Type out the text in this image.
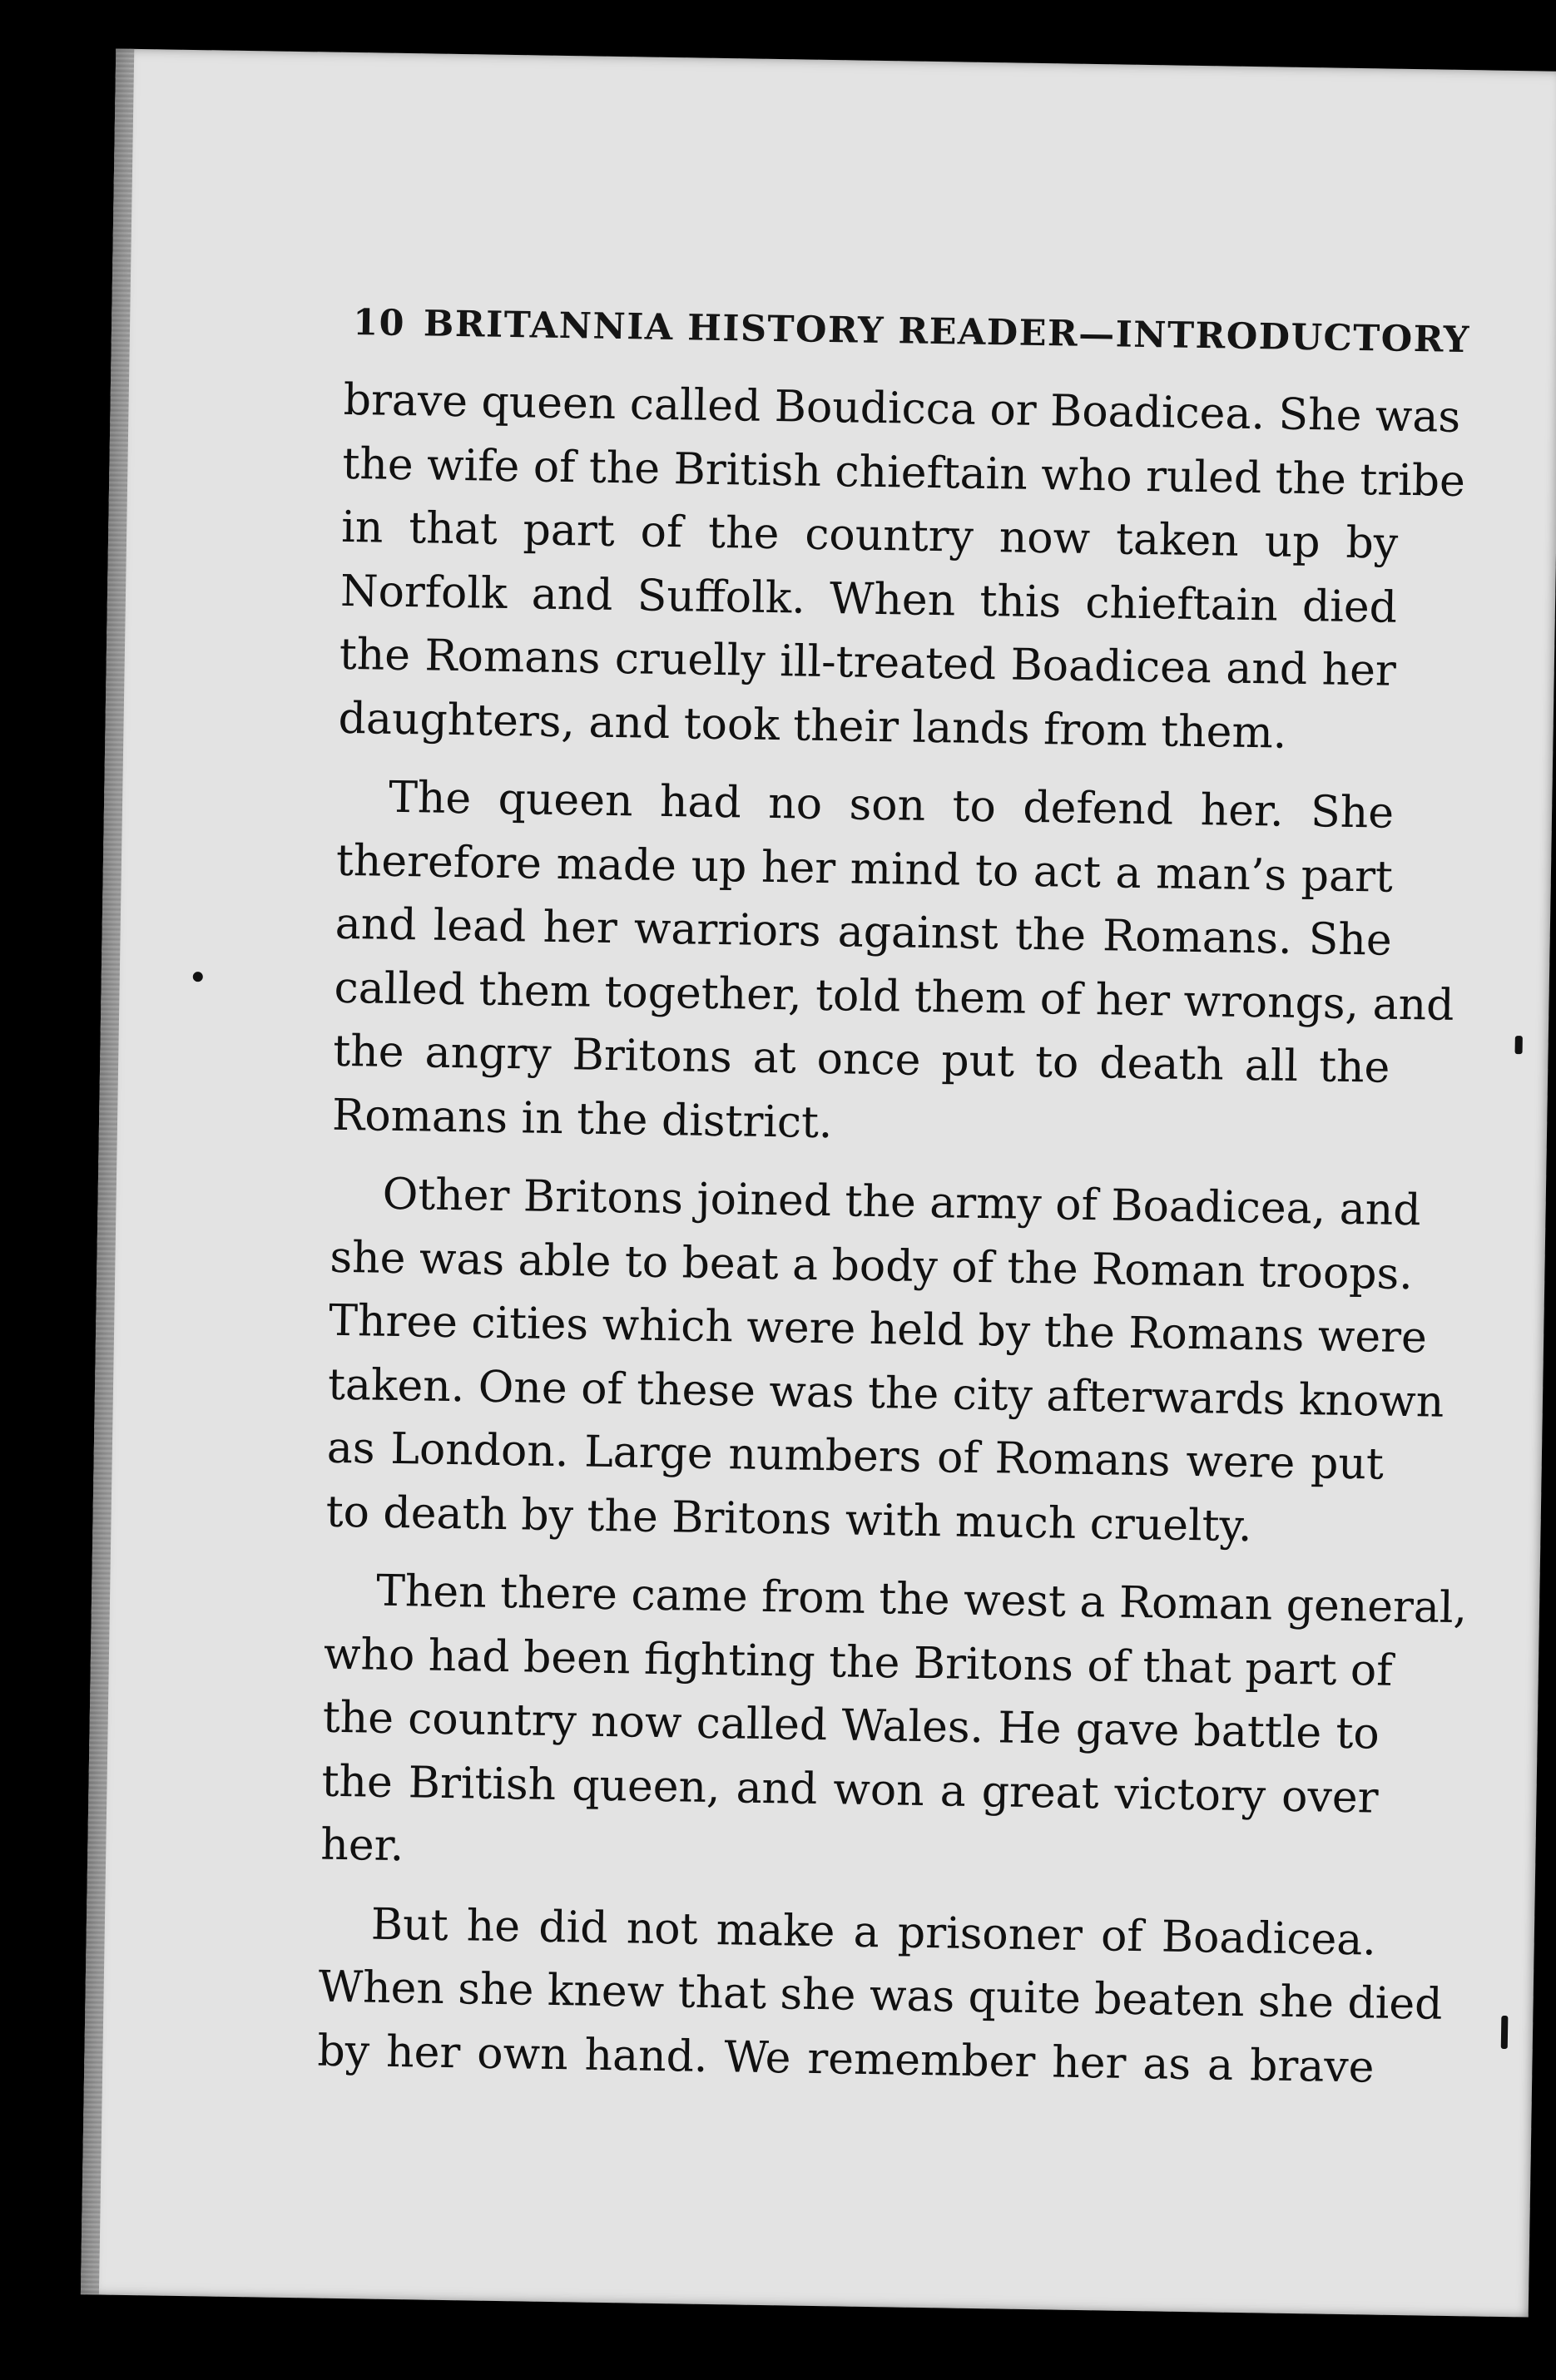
10 BRITANNIA HISTORY READER—INTRODUCTORY
brave queen called Boudicca or Boadicea. She was
the wife of the British chieftain who ruled the tribe
in that part of the country now taken up by
Norfolk and Suffolk. When this chieftain died
the Romans cruelly ill-treated Boadicea and her
daughters, and took their lands from them.
The queen had no son to defend her. She
therefore made up her mind to act a man’s part
and lead her warriors against the Romans. She
called them together, told them of her wrongs, and
the angry Britons at once put to death all the
Romans in the district.
Other Britons joined the army of Boadicea, and
she was able to beat a body of the Roman troops.
Three cities which were held by the Romans were
taken. One of these was the city afterwards known
as London. Large numbers of Romans were put
to death by the Britons with much cruelty.
Then there came from the west a Roman general,
who had been fighting the Britons of that part of
the country now called Wales. He gave battle to
the British queen, and won a great victory over
her.
But he did not make a prisoner of Boadicea.
When she knew that she was quite beaten she died
by her own hand. We remember her as a brave
